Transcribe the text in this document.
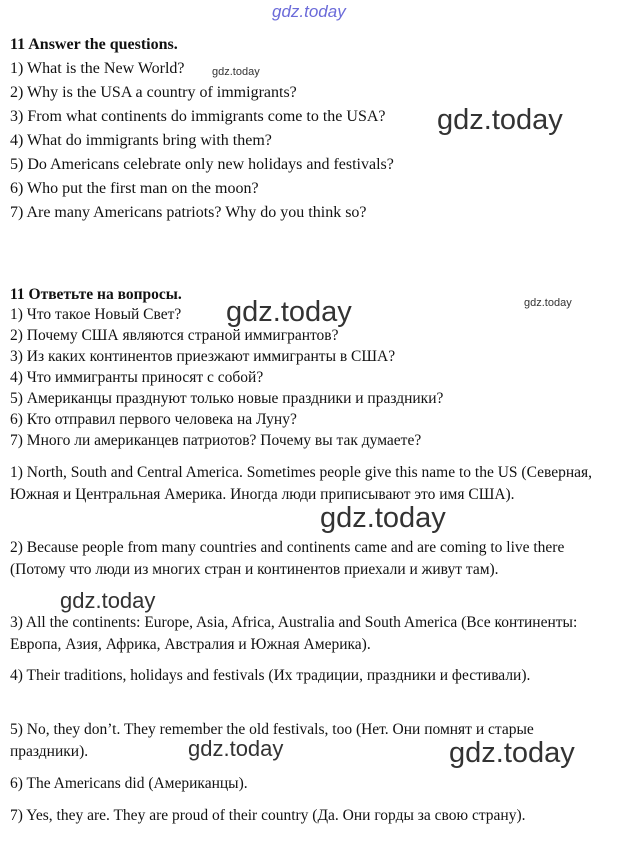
gdz.today
gdz.today
gdz.today
gdz.today
gdz.today
gdz.today
gdz.today
gdz.today	gdz.today
11 Answer the questions.
1) What is the New World?
2) Why is the USA a country of immigrants?
3) From what continents do immigrants come to the USA?
4) What do immigrants bring with them?
5) Do Americans celebrate only new holidays and festivals?
6) Who put the first man on the moon?
7) Are many Americans patriots? Why do you think so?
11 Ответьте на вопросы.
1) Что такое Новый Свет?
2) Почему США являются страной иммигрантов?
3) Из каких континентов приезжают иммигранты в США?
4) Что иммигранты приносят с собой?
5) Американцы празднуют только новые праздники и праздники?
6) Кто отправил первого человека на Луну?
7) Много ли американцев патриотов? Почему вы так думаете?
1) North, South and Central America. Sometimes people give this name to the US (Северная, Южная и Центральная Америка. Иногда люди приписывают это имя США).
2) Because people from many countries and continents came and are coming to live there (Потому что люди из многих стран и континентов приехали и живут там).
3) All the continents: Europe, Asia, Africa, Australia and South America (Все континенты: Европа, Азия, Африка, Австралия и Южная Америка).
4) Their traditions, holidays and festivals (Их традиции, праздники и фестивали).
5) No, they don’t. They remember the old festivals, too (Нет. Они помнят и старые праздники).
6) The Americans did (Американцы).
7) Yes, they are. They are proud of their country (Да. Они горды за свою страну).
